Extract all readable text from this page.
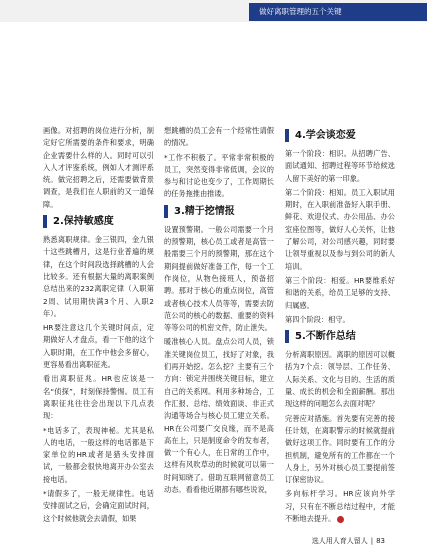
做好离职管理的五个关键

画像。对招聘的岗位进行分析，制定好它所需要的条件和要求，明确企业需要什么样的人。同时可以引入人才评鉴系统，例如人才测评系统。做完招聘之后，还需要做背景调查，是我们在人职前的又一道保障。

2.保持敏感度

熟悉离职规律。金三银四，金九银十这些跳槽月，这是行业普遍的规律，在这个时间段选择跳槽的人会比较多。还有根据大量的离职案例总结出来的232离职定律（入职第2周、试用期快满3个月、入职2年）。

HR要注意这几个关键时间点，定期做好人才盘点，看一下他的这个入职时期，在工作中他会多留心，更容易看出离职征兆。

看出离职征兆。HR也应该是一名“侦探”，时刻保持警惕。员工有离职征兆往往会出现以下几点表现：

*电话多了，表现神秘。尤其是私人的电话，一般这样的电话都是下家单位的HR或者是猎头安排面试，一般都会很快地离开办公室去接电话。

*请假多了，一般无规律性。电话安排面试之后，会确定面试时间，这个时候他就会去请假，如果

想跳槽的员工会有一个经常性请假的情况。

*工作不积极了。平常非常积极的员工，突然变得非常低调，会议的参与和讨论也变少了，工作周期长的任务拖推由推诿。

3.精于挖情报

设置预警期。一般公司需要一个月的预警期，核心员工或者是高管一般需要三个月的预警期，那在这个期间提前做好准备工作，每一个工作岗位，从物色接班人，预备招聘。那对于核心的重点岗位，高管或者核心技术人员等等，需要去防范公司的核心的数据、重要的资料等等公司的机密文件，防止泄失。

暖准核心人员。盘点公司人员，锁准关键岗位员工，找好了对象，我们再开始挖。怎么挖？主要有三个方向：锁定并围绕关键目标，建立自己的关系网。利用多种场合，工作汇报、总结、绩效面谈、非正式沟通等场合与核心员工建立关系。HR在公司要广交良缘，而不是高高在上，只是制度命令的发布者，做一个有心人，在日常的工作中，这样有风吹草动的时候就可以第一时间知晓了。借助互联网留意员工动态。看看他近期都有哪些说说，

4.学会谈恋爱

第一个阶段：相识。从招聘广告、面试通知、招聘过程等环节给候选人留下美好的第一印象。

第二个阶段：相知。员工入职试用期时，在入职前准备好入职手册、鲜花、欢迎仪式、办公用品、办公室座位图等，做好人心关怀，让他了解公司，对公司感兴趣，同时要让领导重视以及参与到公司的新人培训。

第三个阶段：相爱。HR要维系好和谐的关系，给员工足够的支持、归属感。

第四个阶段：相守。

5.不断作总结

分析离职原因。离职的原因可以概括为7个点：领导层、工作任务、人际关系、文化与目的、生活的质量、成长的机会和全面薪酬。那出现这样的问题怎么去面对呢？

完善应对措施。首先要有完善的接任计划，在离职警示的时候就提前做好这项工作。同时要有工作的分担机制，避免所有的工作都在一个人身上，另外对核心员工要提前签订保密协议。

多向标杆学习。HR应该向外学习，只有在不断总结过程中，才能不断地去提升。

选人用人育人留人 | 83
